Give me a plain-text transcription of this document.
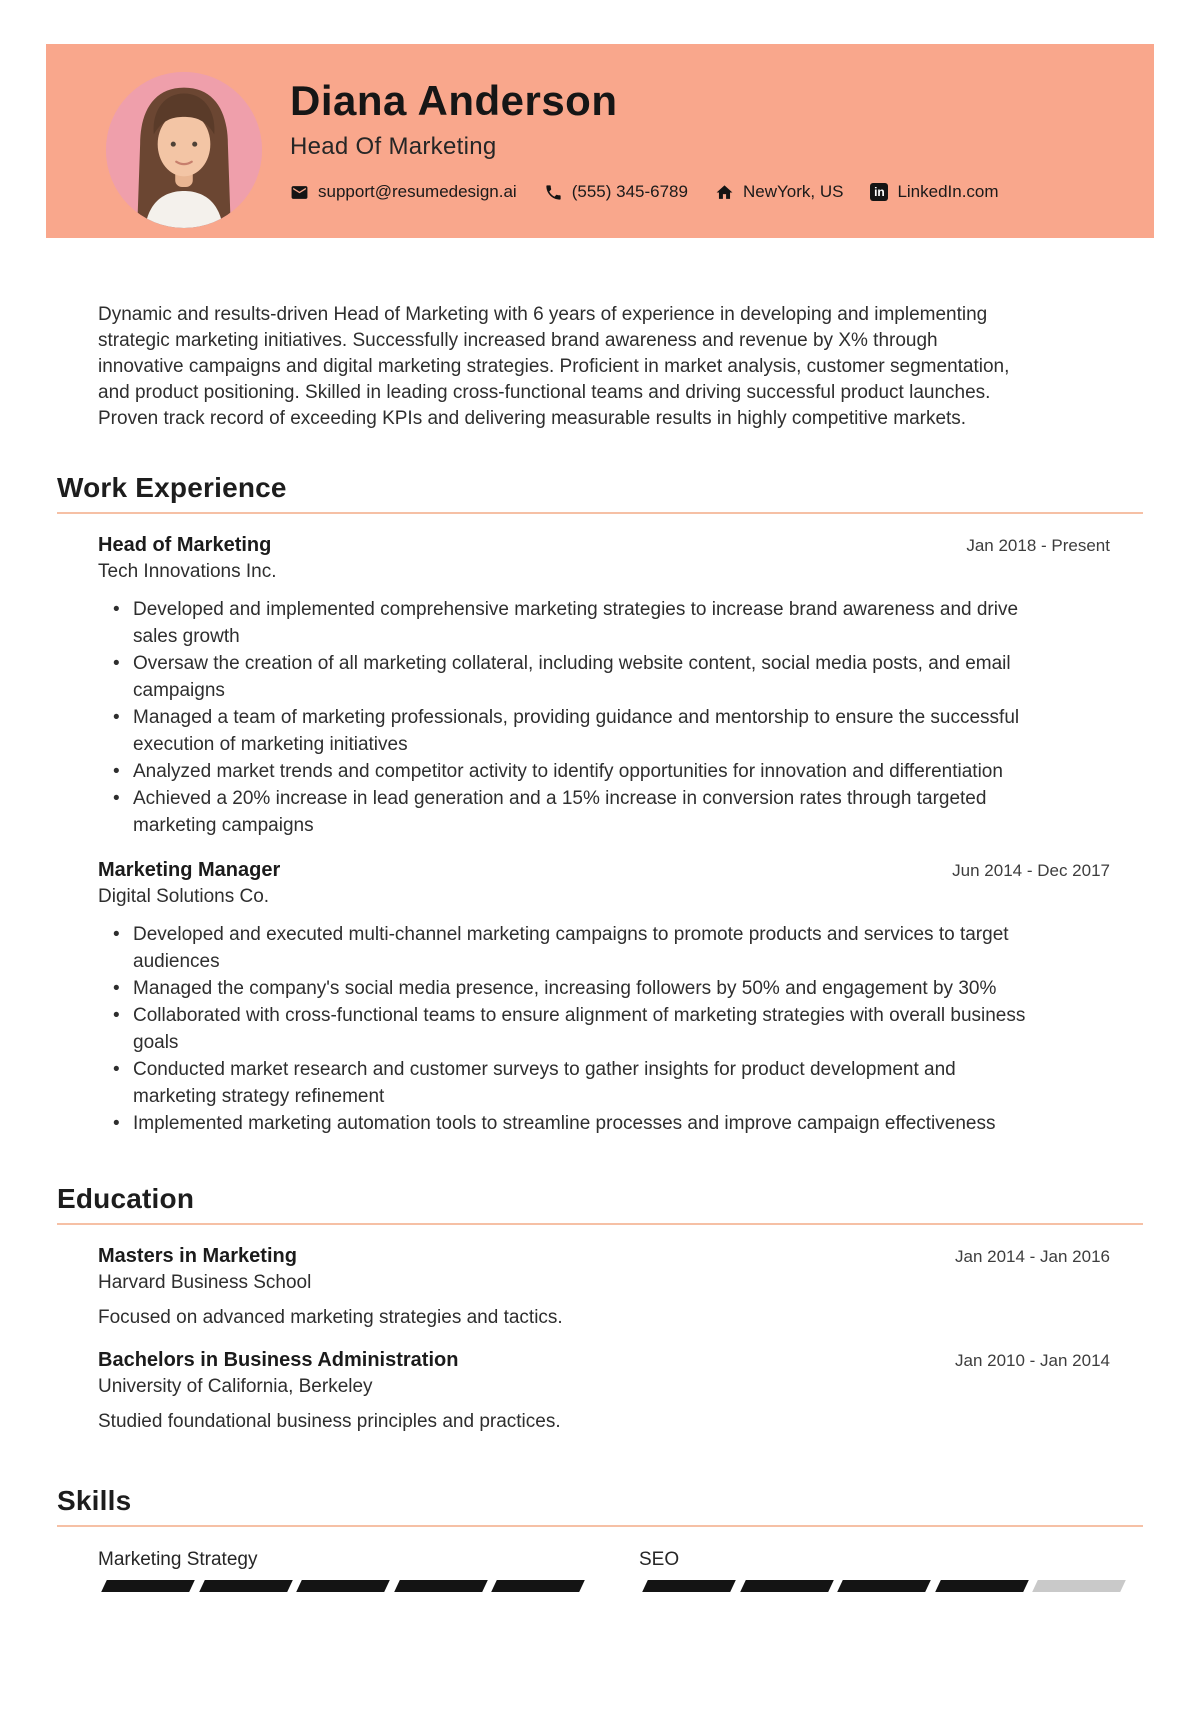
Diana Anderson
Head Of Marketing
support@resumedesign.ai	(555) 345-6789	NewYork, US	in LinkedIn.com

Dynamic and results-driven Head of Marketing with 6 years of experience in developing and implementing strategic marketing initiatives. Successfully increased brand awareness and revenue by X% through innovative campaigns and digital marketing strategies. Proficient in market analysis, customer segmentation, and product positioning. Skilled in leading cross-functional teams and driving successful product launches. Proven track record of exceeding KPIs and delivering measurable results in highly competitive markets.

Work Experience
Head of Marketing	Jan 2018 - Present
Tech Innovations Inc.
• Developed and implemented comprehensive marketing strategies to increase brand awareness and drive sales growth
• Oversaw the creation of all marketing collateral, including website content, social media posts, and email campaigns
• Managed a team of marketing professionals, providing guidance and mentorship to ensure the successful execution of marketing initiatives
• Analyzed market trends and competitor activity to identify opportunities for innovation and differentiation
• Achieved a 20% increase in lead generation and a 15% increase in conversion rates through targeted marketing campaigns
Marketing Manager	Jun 2014 - Dec 2017
Digital Solutions Co.
• Developed and executed multi-channel marketing campaigns to promote products and services to target audiences
• Managed the company's social media presence, increasing followers by 50% and engagement by 30%
• Collaborated with cross-functional teams to ensure alignment of marketing strategies with overall business goals
• Conducted market research and customer surveys to gather insights for product development and marketing strategy refinement
• Implemented marketing automation tools to streamline processes and improve campaign effectiveness
Education
Masters in Marketing	Jan 2014 - Jan 2016
Harvard Business School
Focused on advanced marketing strategies and tactics.
Bachelors in Business Administration	Jan 2010 - Jan 2014
University of California, Berkeley
Studied foundational business principles and practices.
Skills
Marketing Strategy	SEO
